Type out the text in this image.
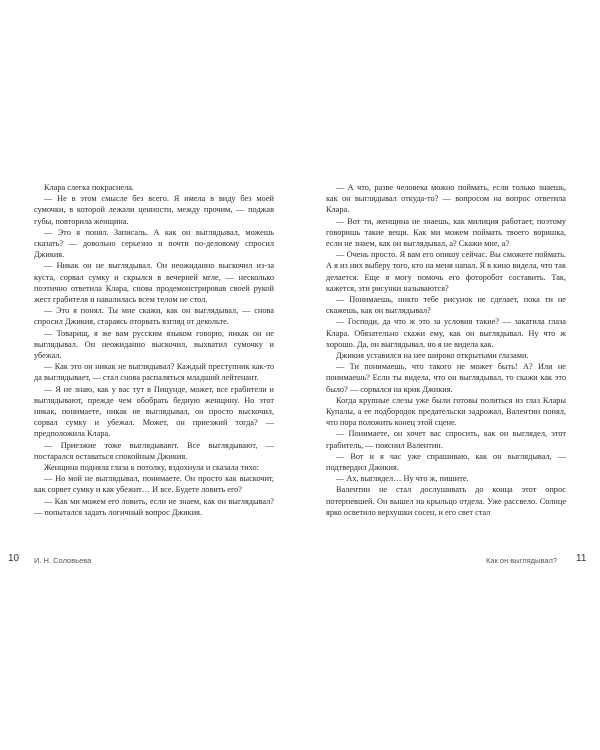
Клара слегка покраснела.

— Не в этом смысле без всего. Я имела в виду без моей сумочки, в которой лежали ценности, между прочим, — поджав губы, повторила женщина.

— Это я понял. Записаль. А как он выглядывал, можешь сказать? — довольно серьезно и почти по-деловому спросил Джикия.

— Никак он не выглядывал. Он неожиданно выскочил из-за куста, сорвал сумку и скрылся в вечерней мгле, — несколько поэтично ответила Клара, снова продемонстрировав своей рукой жест грабителя и навалилась всем телом не стол.

— Это я понял. Ты мне скажи, как он выглядывал, — снова спросил Джикия, стараясь оторвать взгляд от декольте.

— Товарищ, я же вам русским языком говорю, никак он не выглядывал. Он неожиданно выскочил, выхватил сумочку и убежал.

— Как это он никак не выглядывал? Каждый преступник как-то да выглядывает, — стал снова распаляться младший лейтенант.

— Я не знаю, как у вас тут в Пицунде, может, все грабители и выглядывают, прежде чем обобрать бедную женщину. Но этот никак, понимаете, никак не выглядывал, он просто выскочил, сорвал сумку и убежал. Может, он приезжий тогда? — предположила Клара.

— Приезжие тоже выглядывают. Все выглядывают, — постарался оставаться спокойным Джикия.

Женщина подняла глаза к потолку, вздохнула и сказала тихо:

— Но мой не выглядывал, понимаете. Он просто как выскочит, как сорвет сумку и как убежит… И все. Будете ловить его?

— Как ми можем его ловить, если не знаем, как он выглядывал? — попытался задать логичный вопрос Джикия.

— А что, разве человека можно поймать, если только знаешь, как он выглядывал откуда-то? — вопросом на вопрос ответила Клара.

— Вот ти, женщина не знаешь, как милиция работает, поэтому говоришь такие вещи. Как ми можем поймать твоего воришка, если не знаем, как он выглядывал, а? Скажи мне, а?

— Очень просто. Я вам его опишу сейчас. Вы сможете поймать. А я из них выберу того, кто на меня напал. Я в кино видела, что так делается. Еще я могу помочь его фоторобот составить. Так, кажется, эти рисунки называются?

— Понимаешь, никто тебе рисунок не сделает, пока ти не скажешь, как он выглядывал?

— Господи, да что ж это за условия такие? — закатила глаза Клара. Обязательно скажи ему, как он выглядывал. Ну что ж хорошо. Да, он выглядывал, но я не видела как.

Джикия уставился на нее широко открытыми глазами.

— Ти понимаешь, что такого не может быть! А? Или не понимаешь? Если ты видела, что он выглядывал, то скажи как это было? — сорвался на крик Джикия.

Когда крупные слезы уже были готовы политься из глаз Клары Купалы, а ее подбородок предательски задрожал, Валентин понял, что пора положить конец этой сцене.

— Понимаете, он хочет вас спросить, как он выглядел, этот грабитель, — пояснил Валентин.

— Вот и я час уже спрашиваю, как он выглядывал, — подтвердил Джикия.

— Ах, выглядел… Ну что ж, пишите.

Валентин не стал дослушивать до конца этот опрос потерпевшей. Он вышел на крыльцо отдела. Уже рассвело. Солнце ярко осветило верхушки сосен, и его свет стал

10 И. Н. Соловьева	Как он выглядывал? 11
